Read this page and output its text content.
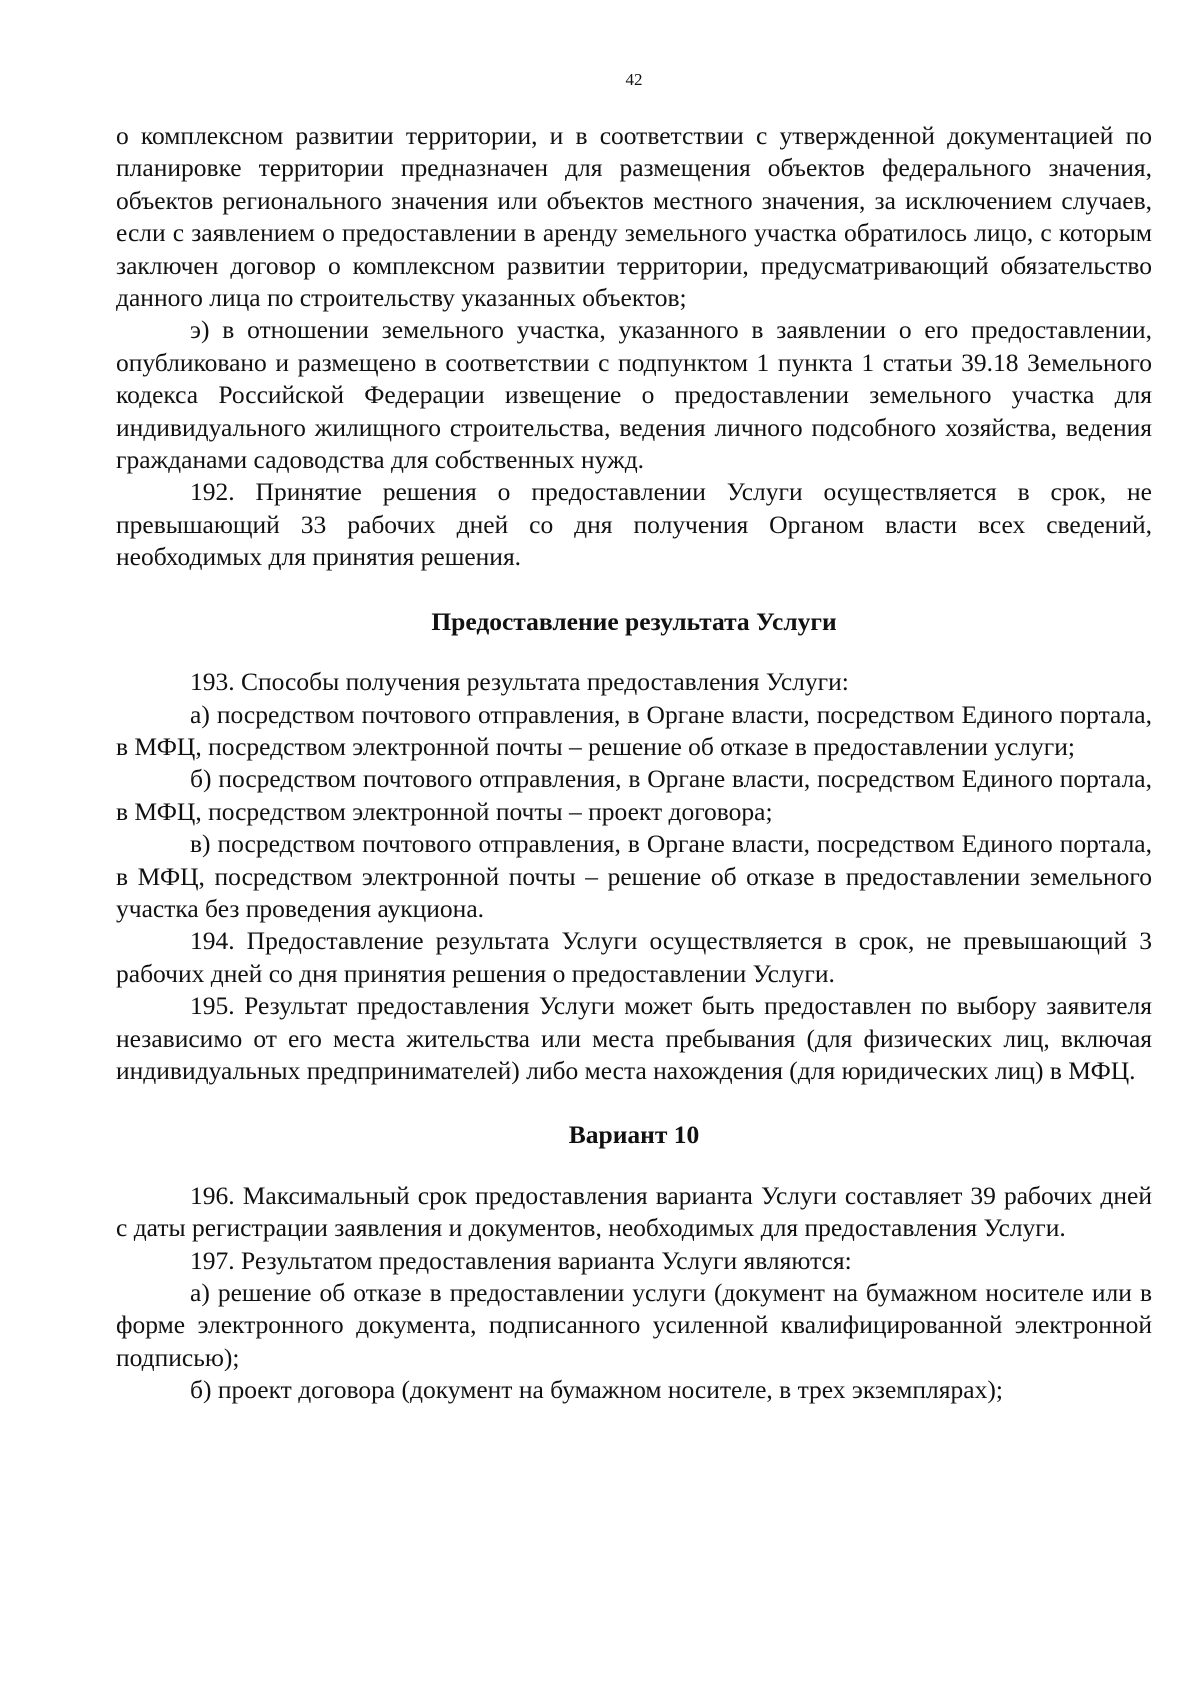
42

о комплексном развитии территории, и в соответствии с утвержденной документацией по планировке территории предназначен для размещения объектов федерального значения, объектов регионального значения или объектов местного значения, за исключением случаев, если с заявлением о предоставлении в аренду земельного участка обратилось лицо, с которым заключен договор о комплексном развитии территории, предусматривающий обязательство данного лица по строительству указанных объектов;

э) в отношении земельного участка, указанного в заявлении о его предоставлении, опубликовано и размещено в соответствии с подпунктом 1 пункта 1 статьи 39.18 Земельного кодекса Российской Федерации извещение о предоставлении земельного участка для индивидуального жилищного строительства, ведения личного подсобного хозяйства, ведения гражданами садоводства для собственных нужд.

192. Принятие решения о предоставлении Услуги осуществляется в срок, не превышающий 33 рабочих дней со дня получения Органом власти всех сведений, необходимых для принятия решения.

Предоставление результата Услуги

193. Способы получения результата предоставления Услуги:

а) посредством почтового отправления, в Органе власти, посредством Единого портала, в МФЦ, посредством электронной почты – решение об отказе в предоставлении услуги;

б) посредством почтового отправления, в Органе власти, посредством Единого портала, в МФЦ, посредством электронной почты – проект договора;

в) посредством почтового отправления, в Органе власти, посредством Единого портала, в МФЦ, посредством электронной почты – решение об отказе в предоставлении земельного участка без проведения аукциона.

194. Предоставление результата Услуги осуществляется в срок, не превышающий 3 рабочих дней со дня принятия решения о предоставлении Услуги.

195. Результат предоставления Услуги может быть предоставлен по выбору заявителя независимо от его места жительства или места пребывания (для физических лиц, включая индивидуальных предпринимателей) либо места нахождения (для юридических лиц) в МФЦ.

Вариант 10

196. Максимальный срок предоставления варианта Услуги составляет 39 рабочих дней с даты регистрации заявления и документов, необходимых для предоставления Услуги.

197. Результатом предоставления варианта Услуги являются:

а) решение об отказе в предоставлении услуги (документ на бумажном носителе или в форме электронного документа, подписанного усиленной квалифицированной электронной подписью);

б) проект договора (документ на бумажном носителе, в трех экземплярах);
